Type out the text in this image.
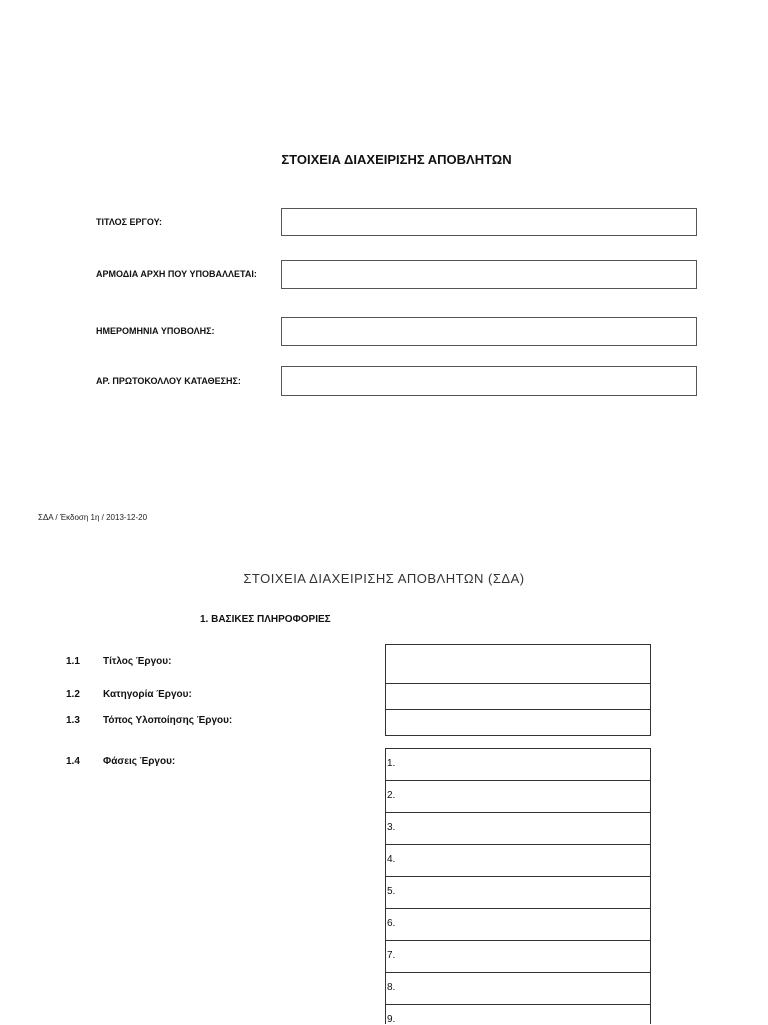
ΣΤΟΙΧΕΙΑ ΔΙΑΧΕΙΡΙΣΗΣ ΑΠΟΒΛΗΤΩΝ
ΤΙΤΛΟΣ ΕΡΓΟΥ:
ΑΡΜΟΔΙΑ ΑΡΧΗ ΠΟΥ ΥΠΟΒΑΛΛΕΤΑΙ:
ΗΜΕΡΟΜΗΝΙΑ ΥΠΟΒΟΛΗΣ:
ΑΡ. ΠΡΩΤΟΚΟΛΛΟΥ ΚΑΤΑΘΕΣΗΣ:
ΣΔΑ / Έκδοση 1η / 2013-12-20
ΣΤΟΙΧΕΙΑ ΔΙΑΧΕΙΡΙΣΗΣ ΑΠΟΒΛΗΤΩΝ (ΣΔΑ)
1. ΒΑΣΙΚΕΣ ΠΛΗΡΟΦΟΡΙΕΣ
1.1 Τίτλος Έργου:
1.2 Κατηγορία Έργου:
1.3 Τόπος Υλοποίησης Έργου:
1.4 Φάσεις Έργου:	1.
2.
3.
4.
5.
6.
7.
8.
9.
